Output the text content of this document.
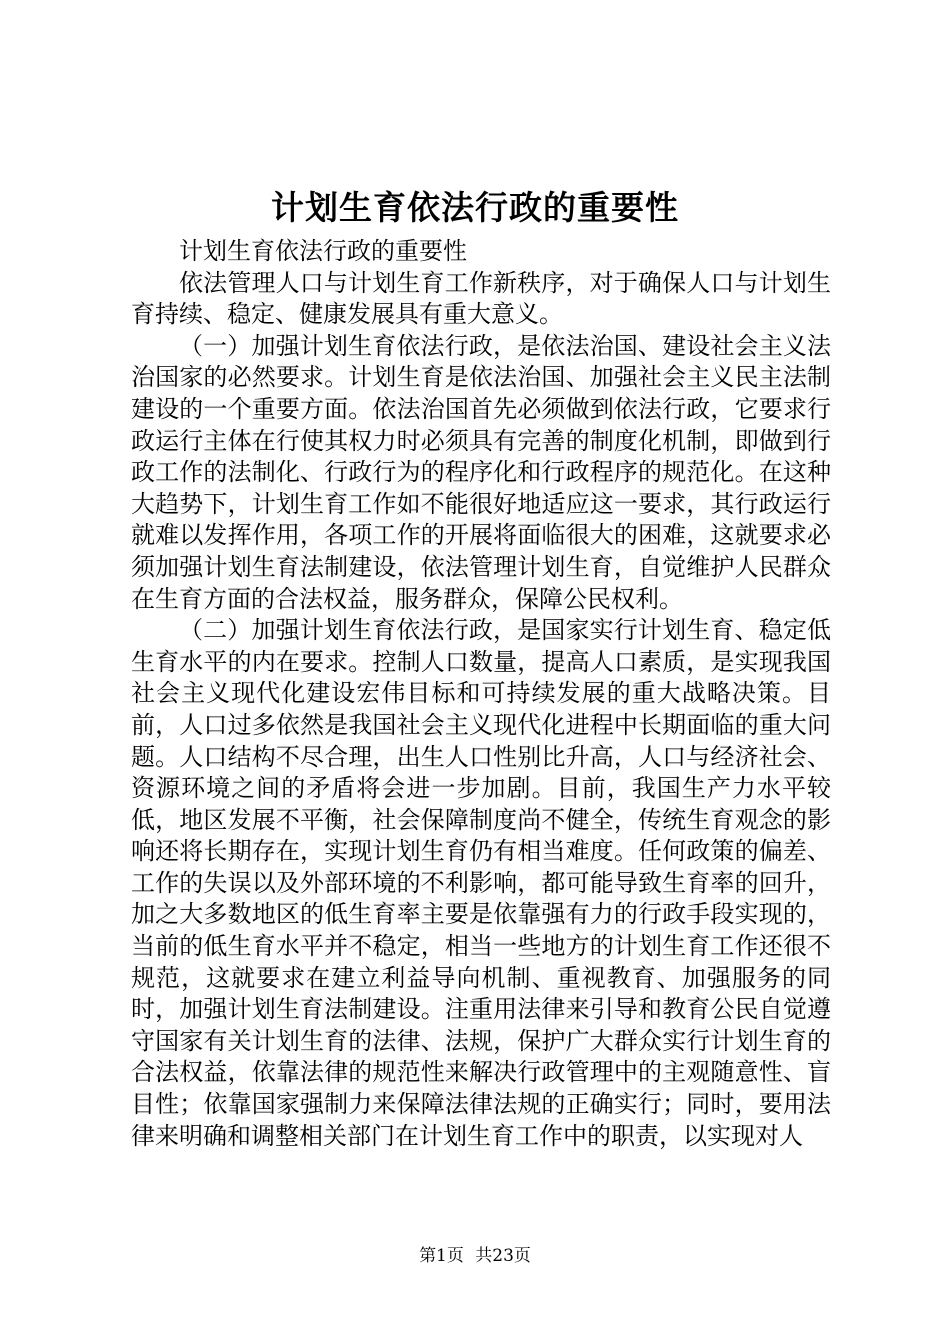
计划生育依法行政的重要性

计划生育依法行政的重要性

依法管理人口与计划生育工作新秩序，对于确保人口与计划生育持续、稳定、健康发展具有重大意义。

（一）加强计划生育依法行政，是依法治国、建设社会主义法治国家的必然要求。计划生育是依法治国、加强社会主义民主法制建设的一个重要方面。依法治国首先必须做到依法行政，它要求行政运行主体在行使其权力时必须具有完善的制度化机制，即做到行政工作的法制化、行政行为的程序化和行政程序的规范化。在这种大趋势下，计划生育工作如不能很好地适应这一要求，其行政运行就难以发挥作用，各项工作的开展将面临很大的困难，这就要求必须加强计划生育法制建设，依法管理计划生育，自觉维护人民群众在生育方面的合法权益，服务群众，保障公民权利。

（二）加强计划生育依法行政，是国家实行计划生育、稳定低生育水平的内在要求。控制人口数量，提高人口素质，是实现我国社会主义现代化建设宏伟目标和可持续发展的重大战略决策。目前，人口过多依然是我国社会主义现代化进程中长期面临的重大问题。人口结构不尽合理，出生人口性别比升高，人口与经济社会、资源环境之间的矛盾将会进一步加剧。目前，我国生产力水平较低，地区发展不平衡，社会保障制度尚不健全，传统生育观念的影响还将长期存在，实现计划生育仍有相当难度。任何政策的偏差、工作的失误以及外部环境的不利影响，都可能导致生育率的回升，加之大多数地区的低生育率主要是依靠强有力的行政手段实现的，当前的低生育水平并不稳定，相当一些地方的计划生育工作还很不规范，这就要求在建立利益导向机制、重视教育、加强服务的同时，加强计划生育法制建设。注重用法律来引导和教育公民自觉遵守国家有关计划生育的法律、法规，保护广大群众实行计划生育的合法权益，依靠法律的规范性来解决行政管理中的主观随意性、盲目性；依靠国家强制力来保障法律法规的正确实行；同时，要用法律来明确和调整相关部门在计划生育工作中的职责，以实现对人

第1页 共23页
